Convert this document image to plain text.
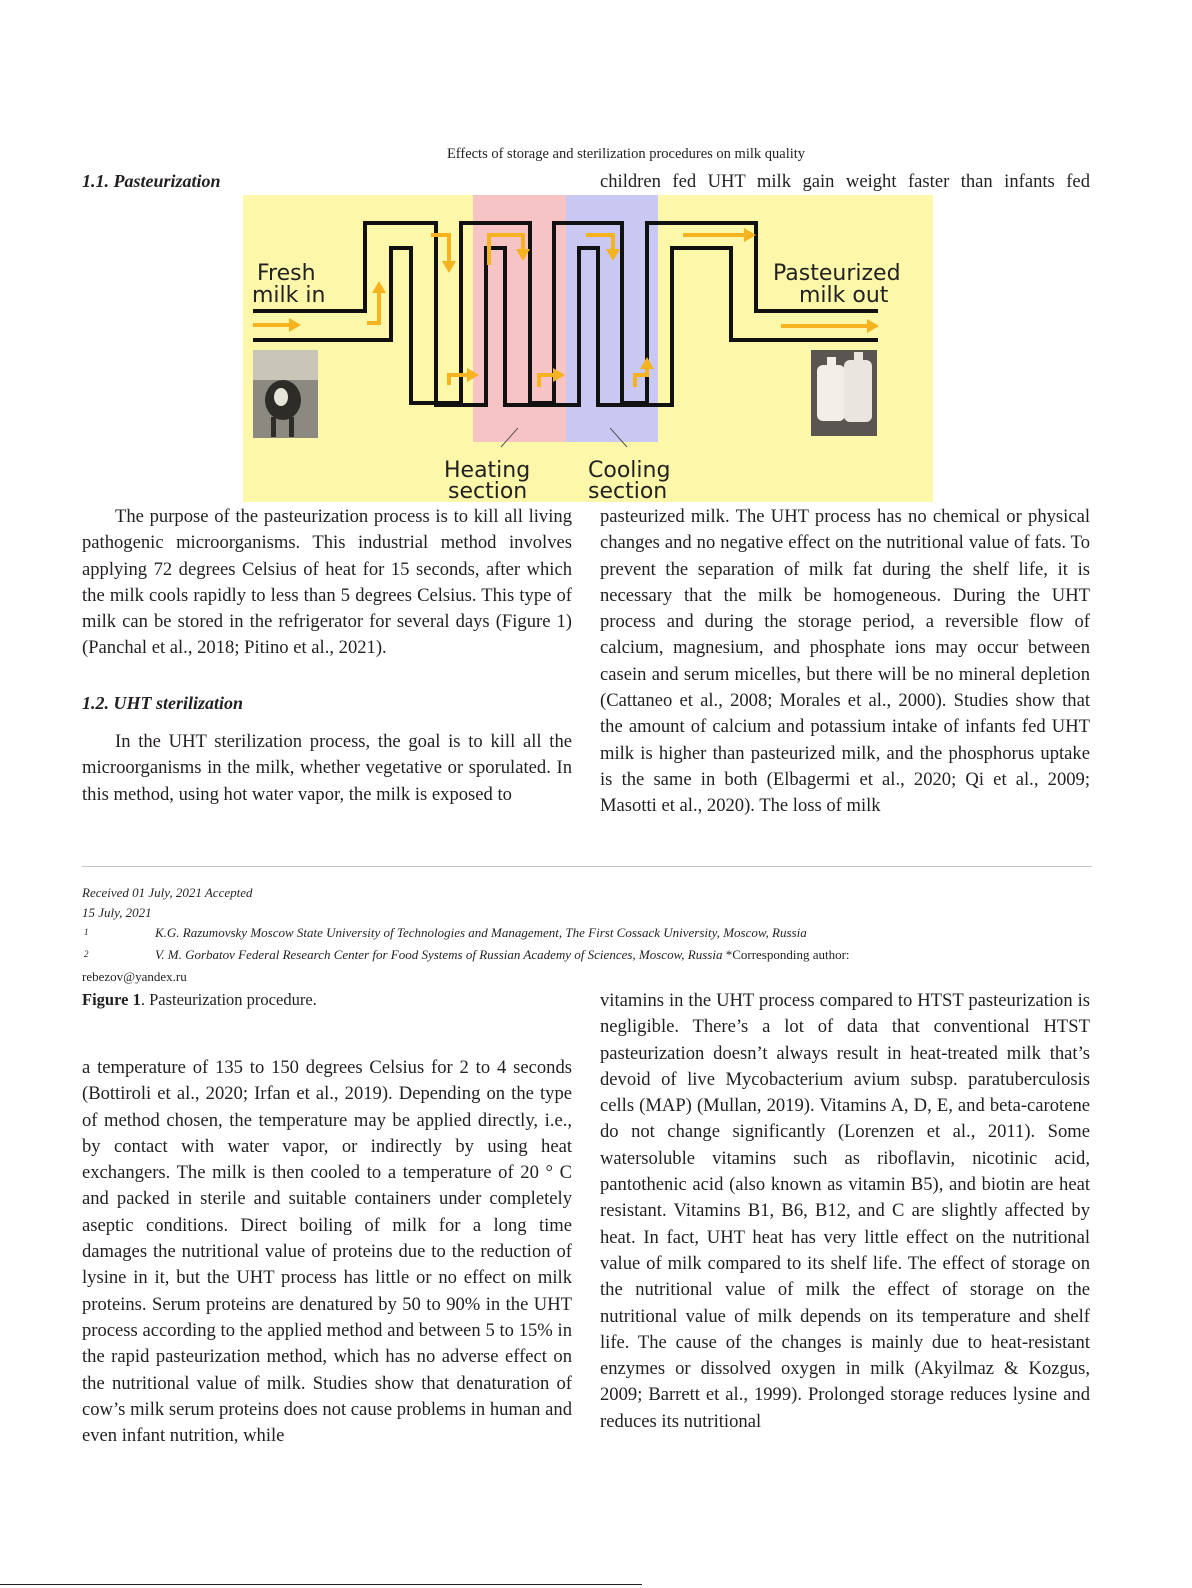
Effects of storage and sterilization procedures on milk quality
1.1. Pasteurization	children fed UHT milk gain weight faster than infants fed
Fresh
milk in
Pasteurized
milk out
Heating
section
Cooling
section

The purpose of the pasteurization process is to kill all living pathogenic microorganisms. This industrial method involves applying 72 degrees Celsius of heat for 15 seconds, after which the milk cools rapidly to less than 5 degrees Celsius. This type of milk can be stored in the refrigerator for several days (Figure 1) (Panchal et al., 2018; Pitino et al., 2021).

1.2. UHT sterilization

In the UHT sterilization process, the goal is to kill all the microorganisms in the milk, whether vegetative or sporulated. In this method, using hot water vapor, the milk is exposed to

pasteurized milk. The UHT process has no chemical or physical changes and no negative effect on the nutritional value of fats. To prevent the separation of milk fat during the shelf life, it is necessary that the milk be homogeneous. During the UHT process and during the storage period, a reversible flow of calcium, magnesium, and phosphate ions may occur between casein and serum micelles, but there will be no mineral depletion (Cattaneo et al., 2008; Morales et al., 2000). Studies show that the amount of calcium and potassium intake of infants fed UHT milk is higher than pasteurized milk, and the phosphorus uptake is the same in both (Elbagermi et al., 2020; Qi et al., 2009; Masotti et al., 2020). The loss of milk

Received 01 July, 2021 Accepted
15 July, 2021
1	K.G. Razumovsky Moscow State University of Technologies and Management, The First Cossack University, Moscow, Russia
2	V. M. Gorbatov Federal Research Center for Food Systems of Russian Academy of Sciences, Moscow, Russia *Corresponding author:
rebezov@yandex.ru
Figure 1. Pasteurization procedure.

a temperature of 135 to 150 degrees Celsius for 2 to 4 seconds (Bottiroli et al., 2020; Irfan et al., 2019). Depending on the type of method chosen, the temperature may be applied directly, i.e., by contact with water vapor, or indirectly by using heat exchangers. The milk is then cooled to a temperature of 20 ° C and packed in sterile and suitable containers under completely aseptic conditions. Direct boiling of milk for a long time damages the nutritional value of proteins due to the reduction of lysine in it, but the UHT process has little or no effect on milk proteins. Serum proteins are denatured by 50 to 90% in the UHT process according to the applied method and between 5 to 15% in the rapid pasteurization method, which has no adverse effect on the nutritional value of milk. Studies show that denaturation of cow’s milk serum proteins does not cause problems in human and even infant nutrition, while

vitamins in the UHT process compared to HTST pasteurization is negligible. There’s a lot of data that conventional HTST pasteurization doesn’t always result in heat-treated milk that’s devoid of live Mycobacterium avium subsp. paratuberculosis cells (MAP) (Mullan, 2019). Vitamins A, D, E, and beta-carotene do not change significantly (Lorenzen et al., 2011). Some watersoluble vitamins such as riboflavin, nicotinic acid, pantothenic acid (also known as vitamin B5), and biotin are heat resistant. Vitamins B1, B6, B12, and C are slightly affected by heat. In fact, UHT heat has very little effect on the nutritional value of milk compared to its shelf life. The effect of storage on the nutritional value of milk the effect of storage on the nutritional value of milk depends on its temperature and shelf life. The cause of the changes is mainly due to heat-resistant enzymes or dissolved oxygen in milk (Akyilmaz & Kozgus, 2009; Barrett et al., 1999). Prolonged storage reduces lysine and reduces its nutritional
